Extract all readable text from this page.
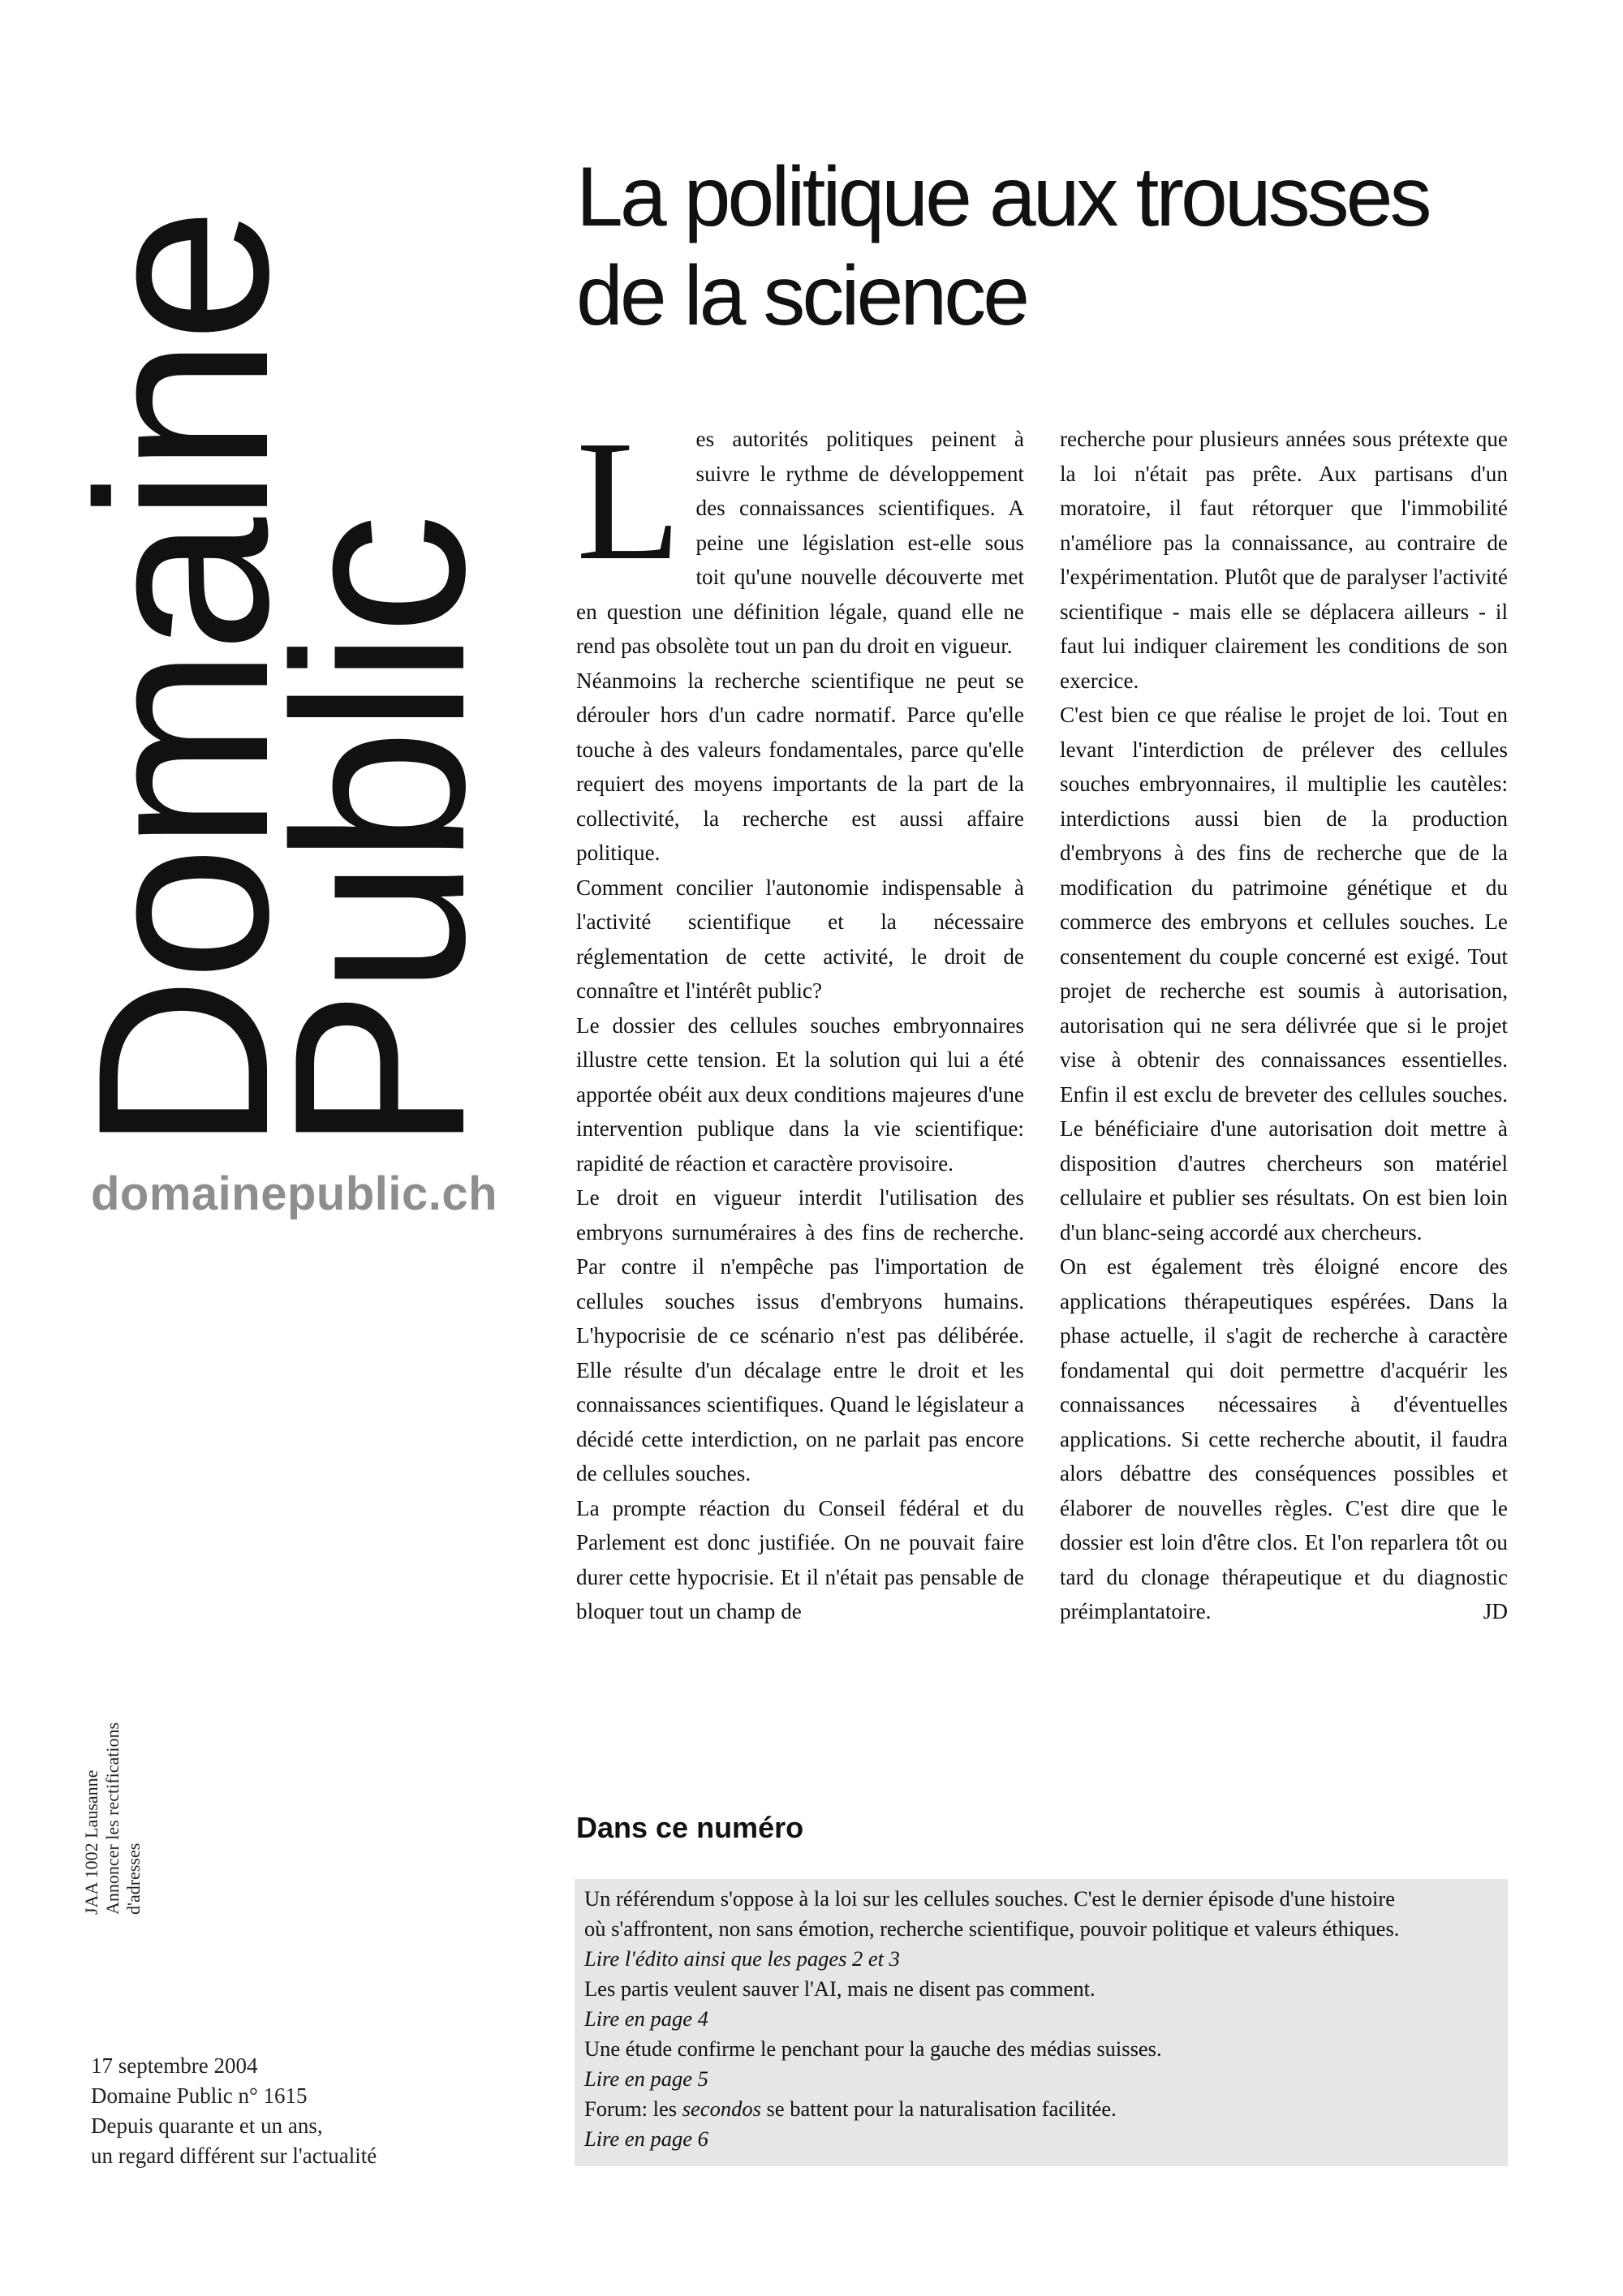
Domaine
Public
domainepublic.ch
JAA 1002 Lausanne Annoncer les rectifications d'adresses
17 septembre 2004
Domaine Public n° 1615
Depuis quarante et un ans,
un regard différent sur l'actualité
La politique aux trousses
de la science
L es autorités politiques peinent à suivre le rythme de développement des connaissances scientifiques. A peine une législation est-elle sous toit qu'une nouvelle découverte met en question une définition légale, quand elle ne rend pas obsolète tout un pan du droit en vigueur.

Néanmoins la recherche scientifique ne peut se dérouler hors d'un cadre normatif. Parce qu'elle touche à des valeurs fondamentales, parce qu'elle requiert des moyens importants de la part de la collectivité, la recherche est aussi affaire politique.

Comment concilier l'autonomie indispensable à l'activité scientifique et la nécessaire réglementation de cette activité, le droit de connaître et l'intérêt public?

Le dossier des cellules souches embryonnaires illustre cette tension. Et la solution qui lui a été apportée obéit aux deux conditions majeures d'une intervention publique dans la vie scientifique: rapidité de réaction et caractère provisoire.

Le droit en vigueur interdit l'utilisation des embryons surnuméraires à des fins de recherche. Par contre il n'empêche pas l'importation de cellules souches issus d'embryons humains. L'hypocrisie de ce scénario n'est pas délibérée. Elle résulte d'un décalage entre le droit et les connaissances scientifiques. Quand le législateur a décidé cette interdiction, on ne parlait pas encore de cellules souches.

La prompte réaction du Conseil fédéral et du Parlement est donc justifiée. On ne pouvait faire durer cette hypocrisie. Et il n'était pas pensable de bloquer tout un champ de

recherche pour plusieurs années sous prétexte que la loi n'était pas prête. Aux partisans d'un moratoire, il faut rétorquer que l'immobilité n'améliore pas la connaissance, au contraire de l'expérimentation. Plutôt que de paralyser l'activité scientifique - mais elle se déplacera ailleurs - il faut lui indiquer clairement les conditions de son exercice.

C'est bien ce que réalise le projet de loi. Tout en levant l'interdiction de prélever des cellules souches embryonnaires, il multiplie les cautèles: interdictions aussi bien de la production d'embryons à des fins de recherche que de la modification du patrimoine génétique et du commerce des embryons et cellules souches. Le consentement du couple concerné est exigé. Tout projet de recherche est soumis à autorisation, autorisation qui ne sera délivrée que si le projet vise à obtenir des connaissances essentielles. Enfin il est exclu de breveter des cellules souches. Le bénéficiaire d'une autorisation doit mettre à disposition d'autres chercheurs son matériel cellulaire et publier ses résultats. On est bien loin d'un blanc-seing accordé aux chercheurs.

On est également très éloigné encore des applications thérapeutiques espérées. Dans la phase actuelle, il s'agit de recherche à caractère fondamental qui doit permettre d'acquérir les connaissances nécessaires à d'éventuelles applications. Si cette recherche aboutit, il faudra alors débattre des conséquences possibles et élaborer de nouvelles règles. C'est dire que le dossier est loin d'être clos. Et l'on reparlera tôt ou tard du clonage thérapeutique et du diagnostic préimplantatoire.	JD

Dans ce numéro
Un référendum s'oppose à la loi sur les cellules souches. C'est le dernier épisode d'une histoire
où s'affrontent, non sans émotion, recherche scientifique, pouvoir politique et valeurs éthiques.
Lire l'édito ainsi que les pages 2 et 3
Les partis veulent sauver l'AI, mais ne disent pas comment.
Lire en page 4
Une étude confirme le penchant pour la gauche des médias suisses.
Lire en page 5
Forum: les secondos se battent pour la naturalisation facilitée.
Lire en page 6
